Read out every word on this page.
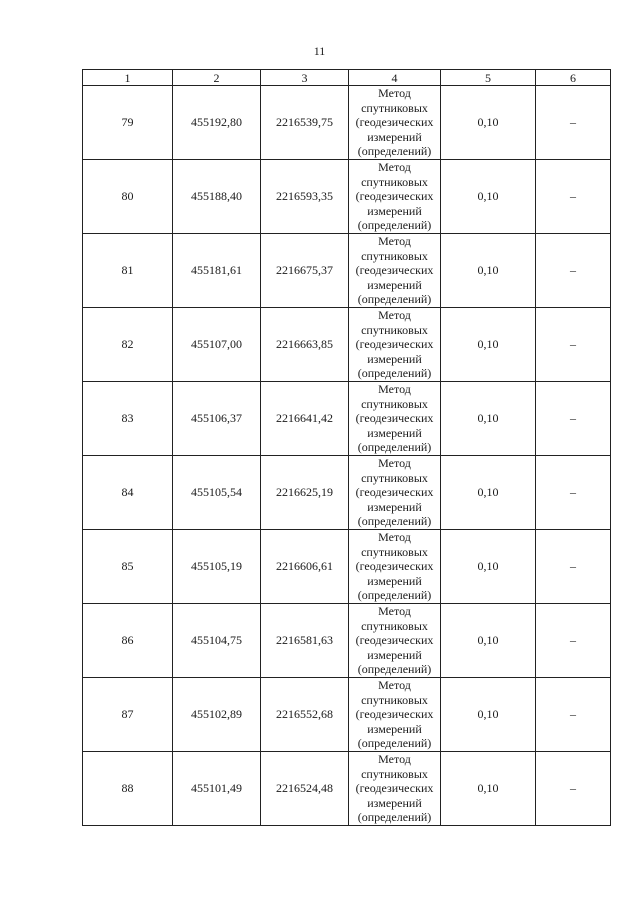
11
1	2	3	4	5	6
79	455192,80	2216539,75	Метод
спутниковых
(геодезических
измерений
(определений)	0,10	–
80	455188,40	2216593,35	Метод
спутниковых
(геодезических
измерений
(определений)	0,10	–
81	455181,61	2216675,37	Метод
спутниковых
(геодезических
измерений
(определений)	0,10	–
82	455107,00	2216663,85	Метод
спутниковых
(геодезических
измерений
(определений)	0,10	–
83	455106,37	2216641,42	Метод
спутниковых
(геодезических
измерений
(определений)	0,10	–
84	455105,54	2216625,19	Метод
спутниковых
(геодезических
измерений
(определений)	0,10	–
85	455105,19	2216606,61	Метод
спутниковых
(геодезических
измерений
(определений)	0,10	–
86	455104,75	2216581,63	Метод
спутниковых
(геодезических
измерений
(определений)	0,10	–
87	455102,89	2216552,68	Метод
спутниковых
(геодезических
измерений
(определений)	0,10	–
88	455101,49	2216524,48	Метод
спутниковых
(геодезических
измерений
(определений)	0,10	–
